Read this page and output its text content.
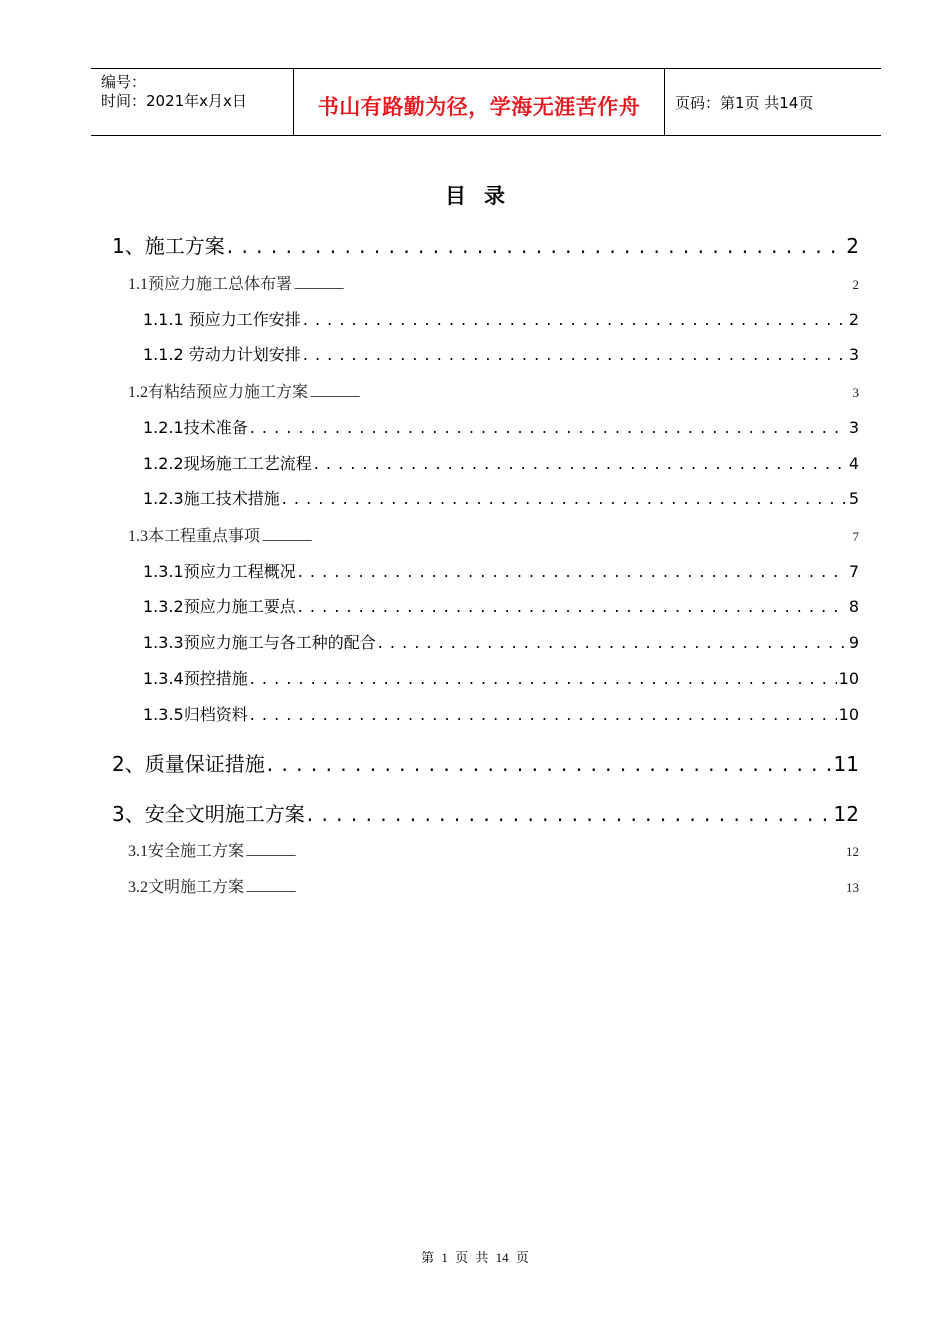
编号：
时间：2021年x月x日	书山有路勤为径，学海无涯苦作舟	页码：第1页 共14页
目录
1、施工方案 . . .	2
1.1预应力施工总体布署 . . .	2
1.1.1 预应力工作安排 . . .	2
1.1.2 劳动力计划安排 . . .	3
1.2有粘结预应力施工方案 . . .	3
1.2.1技术准备 . . .	3
1.2.2现场施工工艺流程 . . .	4
1.2.3施工技术措施 . . .	5
1.3本工程重点事项 . . .	7
1.3.1预应力工程概况 . . .	7
1.3.2预应力施工要点 . . .	8
1.3.3预应力施工与各工种的配合 . . .	9
1.3.4预控措施 . . .	10
1.3.5归档资料 . . .	10
2、质量保证措施 . . .	11
3、安全文明施工方案 . . .	12
3.1安全施工方案 . . .	12
3.2文明施工方案 . . .	13
第 1 页 共 14 页
